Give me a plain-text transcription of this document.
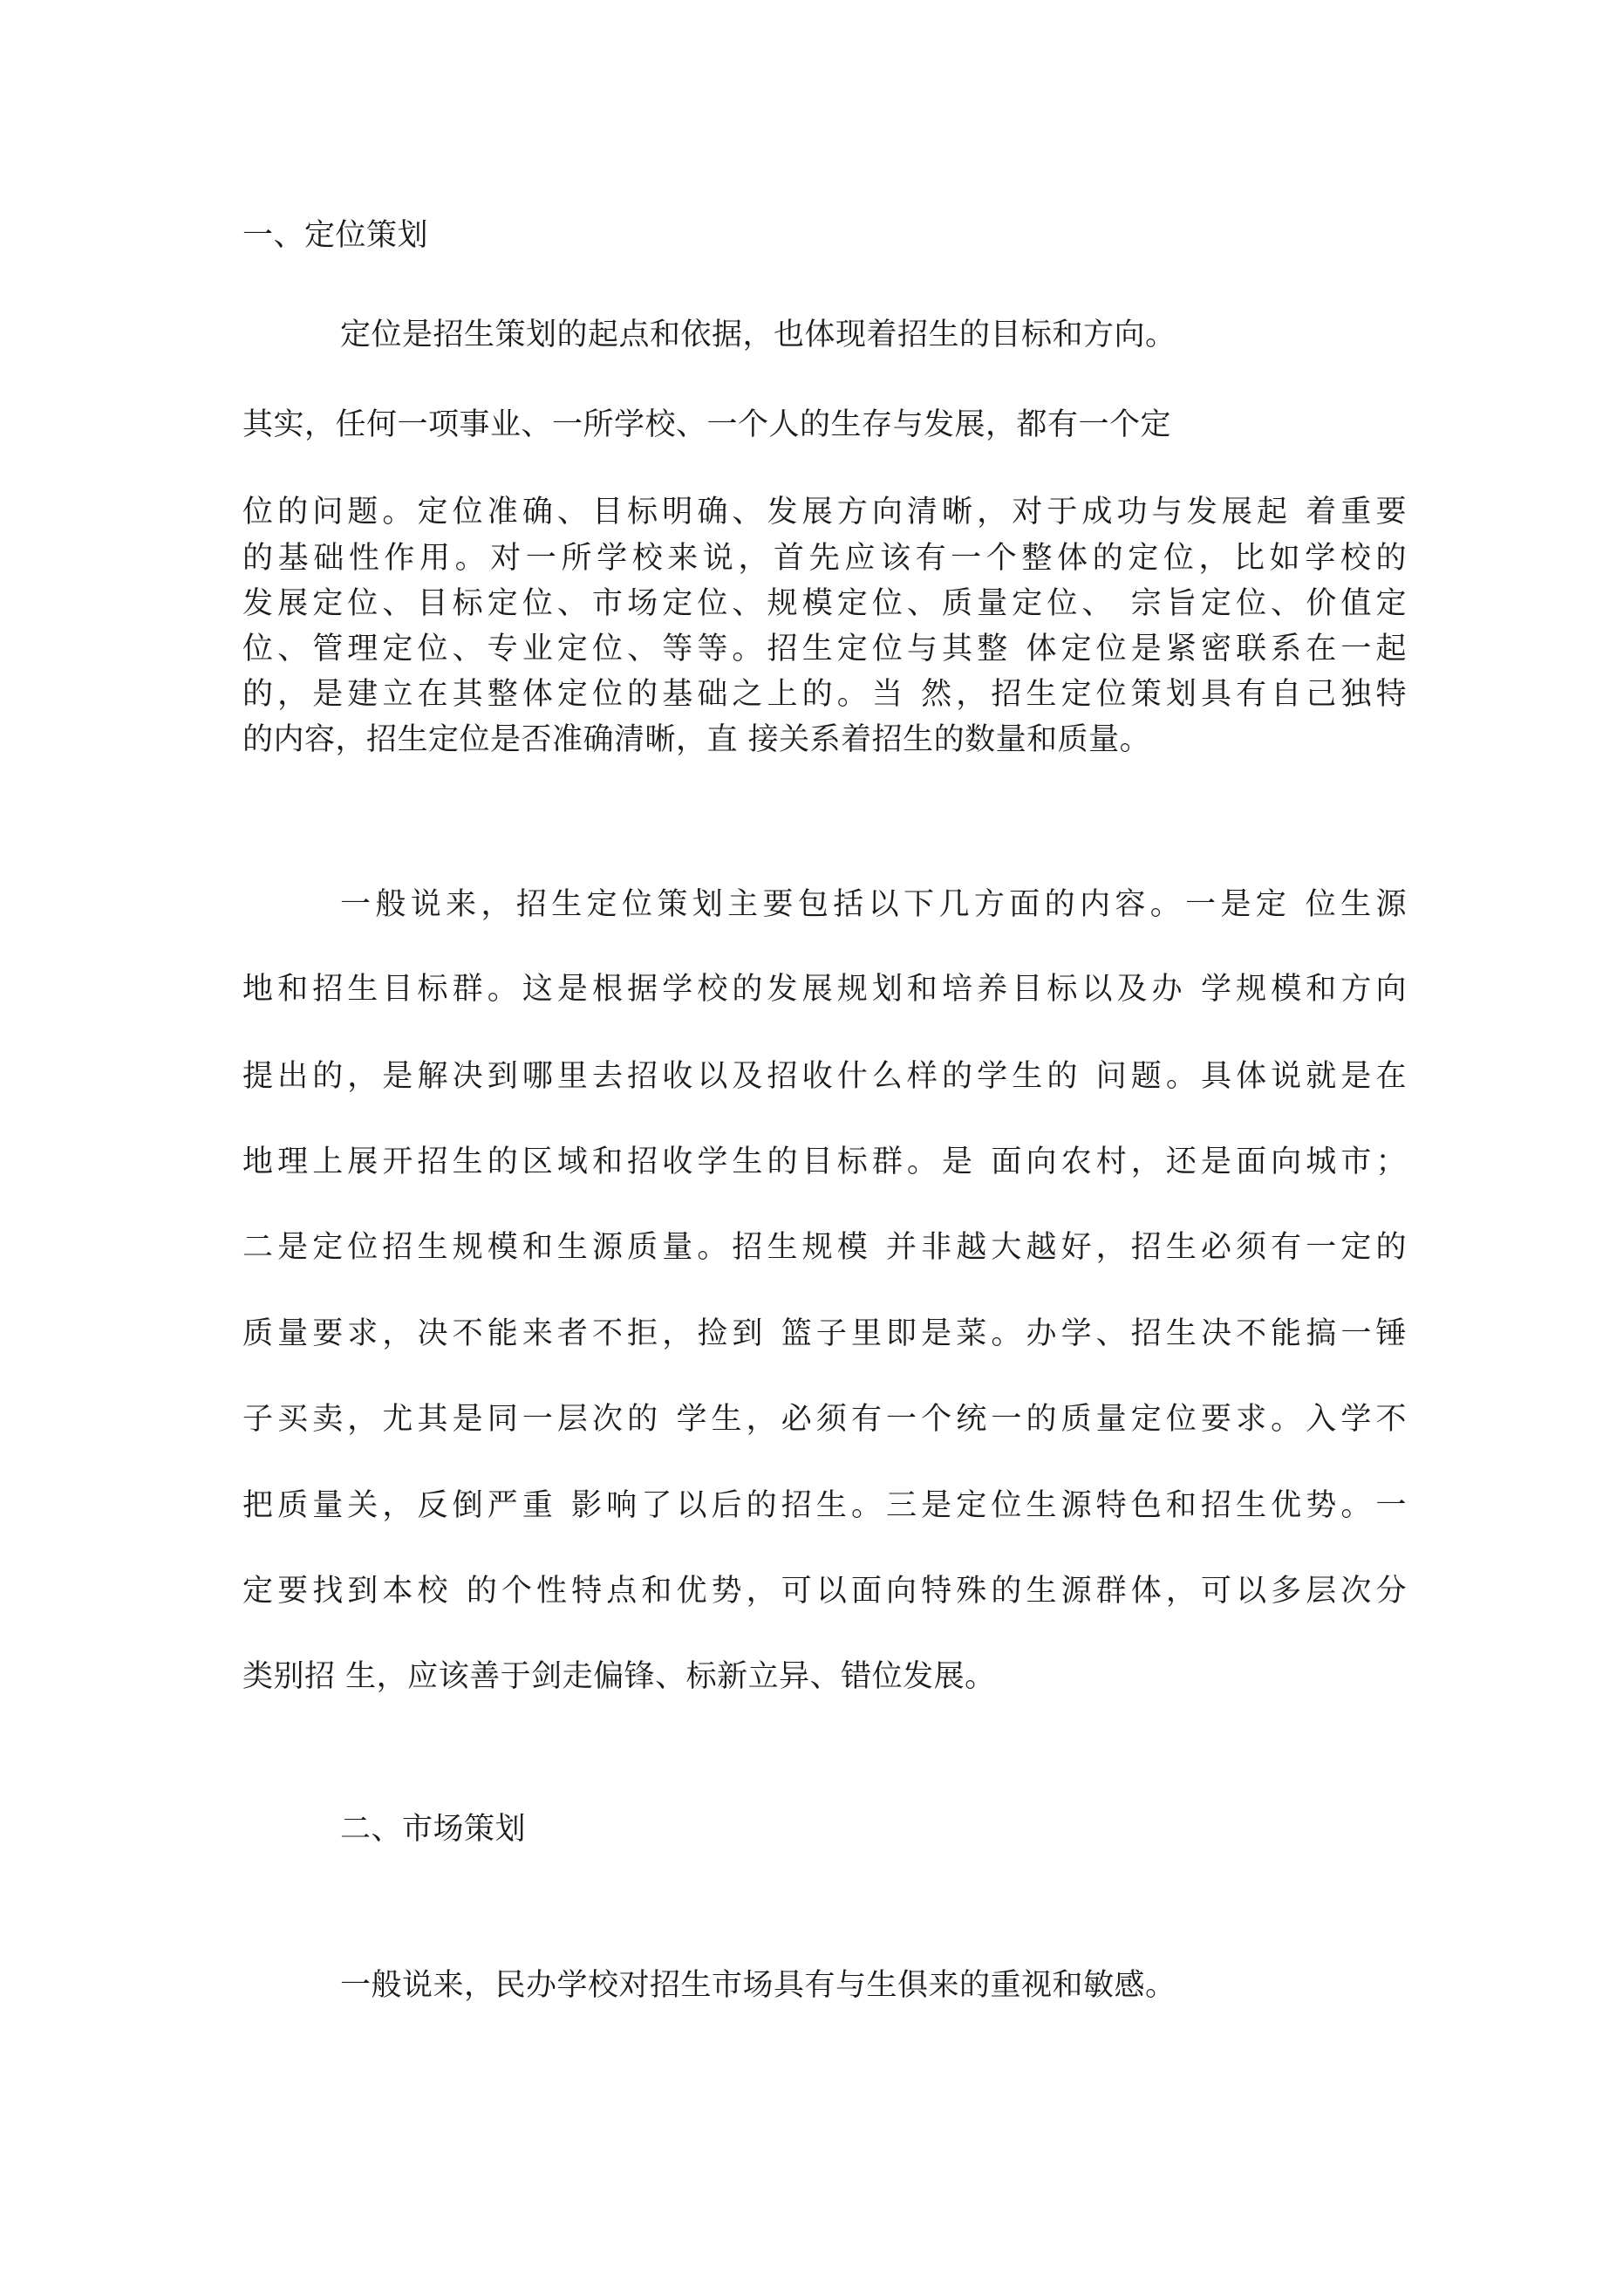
一、定位策划

定位是招生策划的起点和依据，也体现着招生的目标和方向。

其实，任何一项事业、一所学校、一个人的生存与发展，都有一个定

位的问题。定位准确、目标明确、发展方向清晰，对于成功与发展起 着重要

的基础性作用。对一所学校来说，首先应该有一个整体的定位，比如学校的

发展定位、目标定位、市场定位、规模定位、质量定位、 宗旨定位、价值定

位、管理定位、专业定位、等等。招生定位与其整 体定位是紧密联系在一起

的，是建立在其整体定位的基础之上的。当 然，招生定位策划具有自己独特

的内容，招生定位是否准确清晰，直 接关系着招生的数量和质量。

一般说来，招生定位策划主要包括以下几方面的内容。一是定 位生源

地和招生目标群。这是根据学校的发展规划和培养目标以及办 学规模和方向

提出的，是解决到哪里去招收以及招收什么样的学生的 问题。具体说就是在

地理上展开招生的区域和招收学生的目标群。是 面向农村，还是面向城市；

二是定位招生规模和生源质量。招生规模 并非越大越好，招生必须有一定的

质量要求，决不能来者不拒，捡到 篮子里即是菜。办学、招生决不能搞一锤

子买卖，尤其是同一层次的 学生，必须有一个统一的质量定位要求。入学不

把质量关，反倒严重 影响了以后的招生。三是定位生源特色和招生优势。一

定要找到本校 的个性特点和优势，可以面向特殊的生源群体，可以多层次分

类别招 生，应该善于剑走偏锋、标新立异、错位发展。

二、市场策划

一般说来，民办学校对招生市场具有与生俱来的重视和敏感。
